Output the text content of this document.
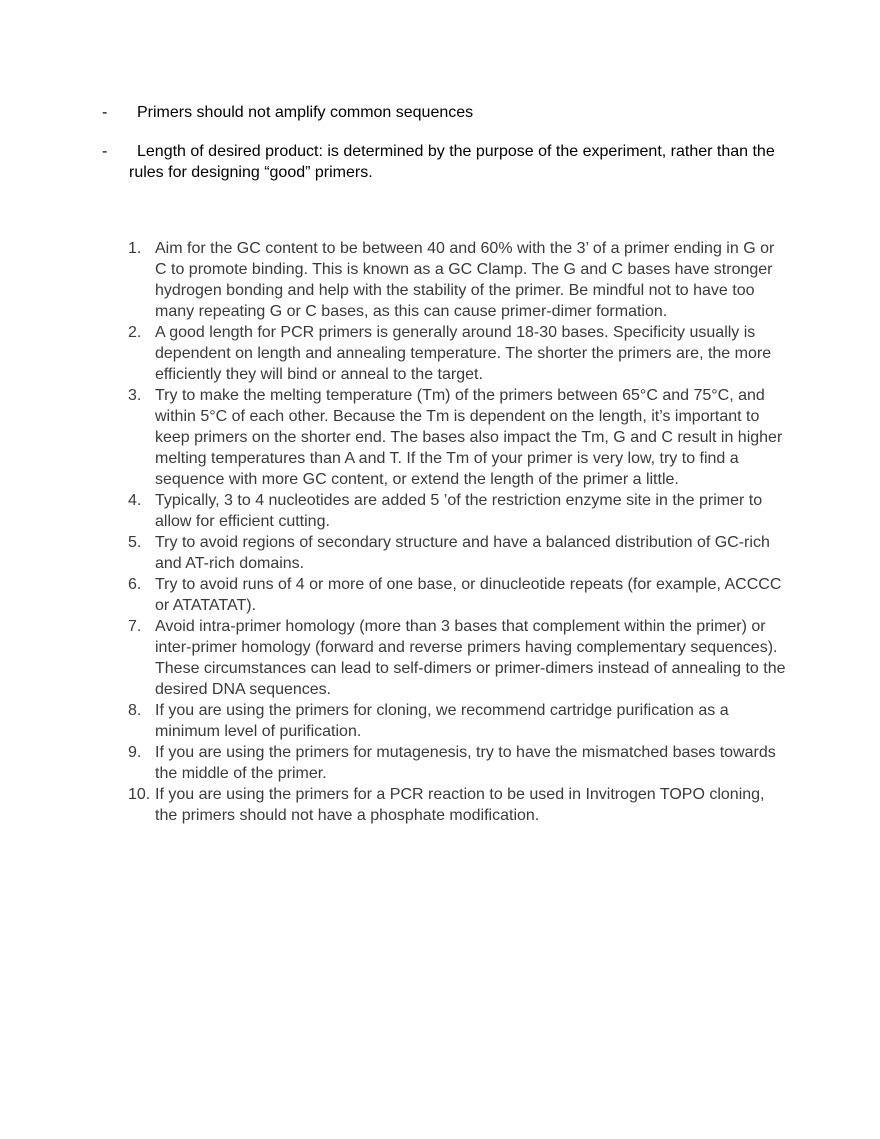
-	Primers should not amplify common sequences
-	Length of desired product: is determined by the purpose of the experiment, rather than the rules for designing “good” primers.
1. Aim for the GC content to be between 40 and 60% with the 3’ of a primer ending in G or C to promote binding. This is known as a GC Clamp. The G and C bases have stronger hydrogen bonding and help with the stability of the primer. Be mindful not to have too many repeating G or C bases, as this can cause primer-dimer formation.
2. A good length for PCR primers is generally around 18-30 bases. Specificity usually is dependent on length and annealing temperature. The shorter the primers are, the more efficiently they will bind or anneal to the target.
3. Try to make the melting temperature (Tm) of the primers between 65°C and 75°C, and within 5°C of each other. Because the Tm is dependent on the length, it’s important to keep primers on the shorter end. The bases also impact the Tm, G and C result in higher melting temperatures than A and T. If the Tm of your primer is very low, try to find a sequence with more GC content, or extend the length of the primer a little.
4. Typically, 3 to 4 nucleotides are added 5 ’of the restriction enzyme site in the primer to allow for efficient cutting.
5. Try to avoid regions of secondary structure and have a balanced distribution of GC-rich and AT-rich domains.
6. Try to avoid runs of 4 or more of one base, or dinucleotide repeats (for example, ACCCC or ATATATAT).
7. Avoid intra-primer homology (more than 3 bases that complement within the primer) or inter-primer homology (forward and reverse primers having complementary sequences). These circumstances can lead to self-dimers or primer-dimers instead of annealing to the desired DNA sequences.
8. If you are using the primers for cloning, we recommend cartridge purification as a minimum level of purification.
9. If you are using the primers for mutagenesis, try to have the mismatched bases towards the middle of the primer.
10. If you are using the primers for a PCR reaction to be used in Invitrogen TOPO cloning, the primers should not have a phosphate modification.
